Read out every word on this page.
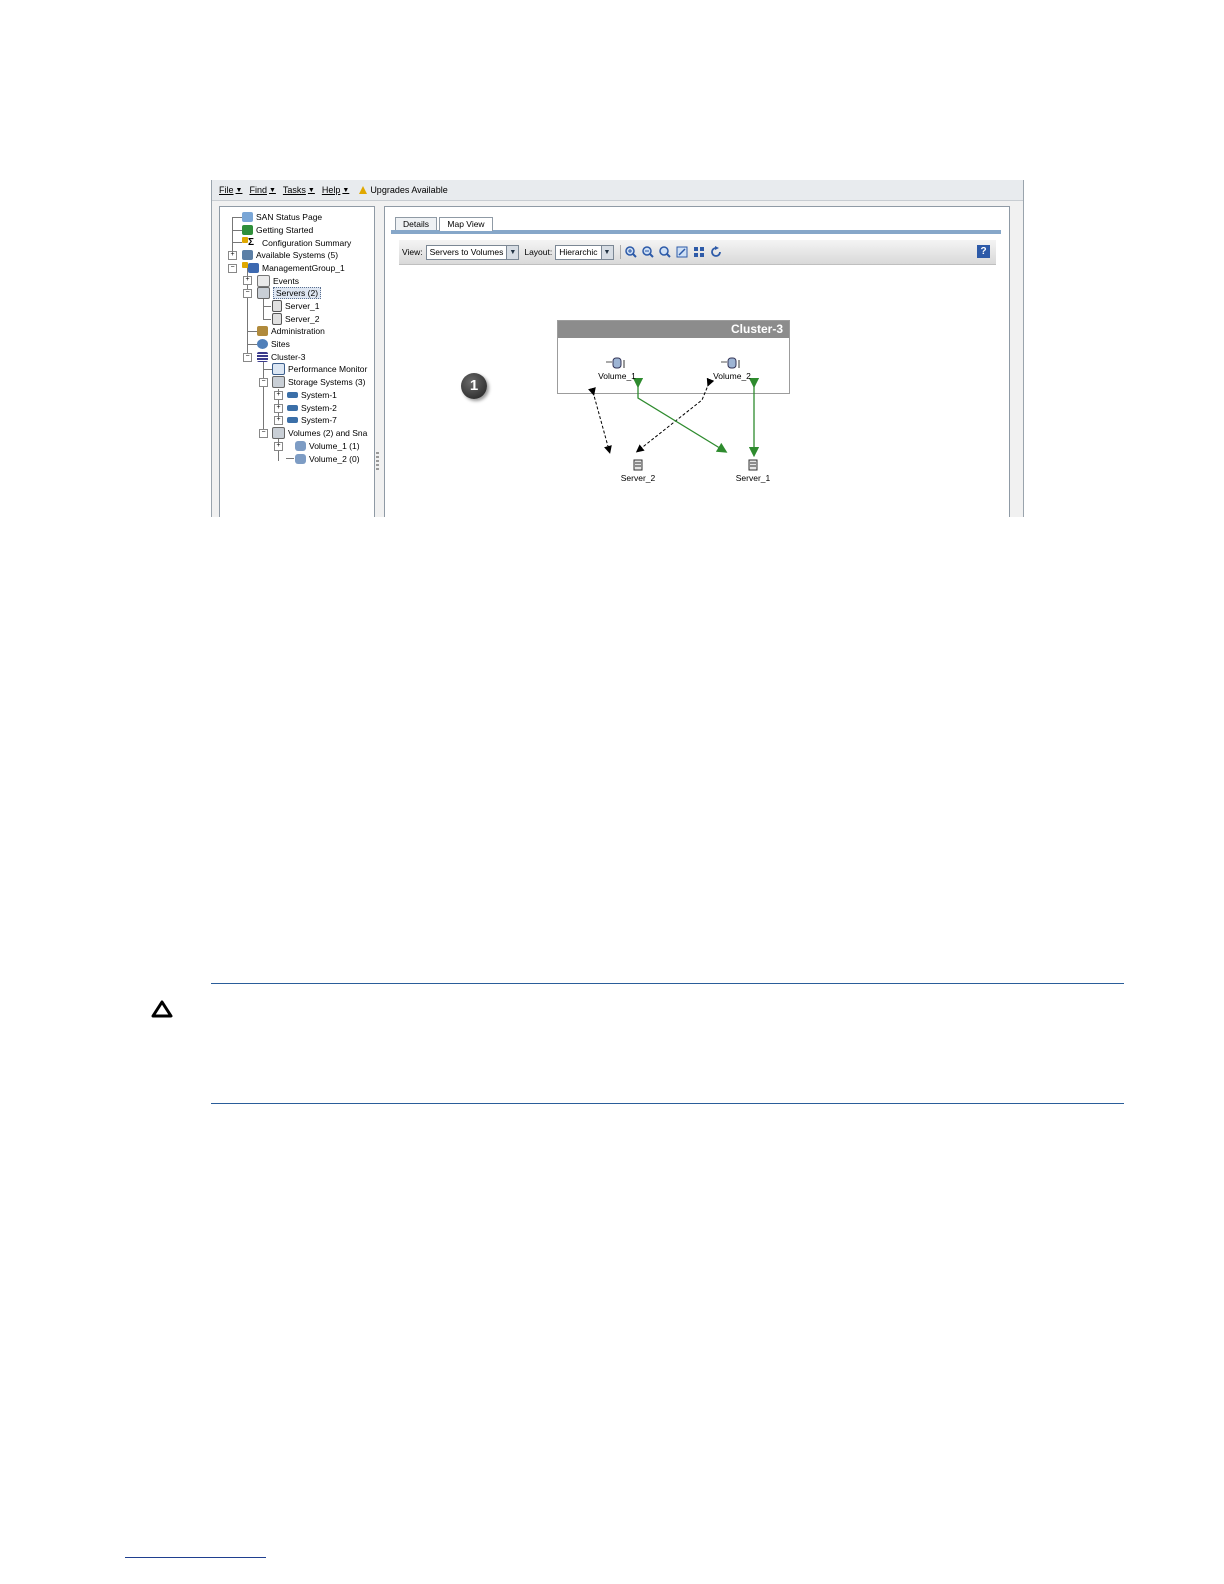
File ▼ Find ▼ Tasks ▼ Help ▼ Upgrades Available
+
−
+
−
−
−
+
+
+
−
+
SAN Status Page
Getting Started
Σ Configuration Summary
Available Systems (5)
ManagementGroup_1
Events
Servers (2)
Server_1
Server_2
Administration
Sites
Cluster-3
Performance Monitor
Storage Systems (3)
System-1
System-2
System-7
Volumes (2) and Sna
Volume_1 (1)
Volume_2 (0)
Details	Map View
View: Servers to Volumes ▼ Layout: Hierarchic ▼	?
Cluster-3
Volume_1	Volume_2
Server_2	Server_1
1
